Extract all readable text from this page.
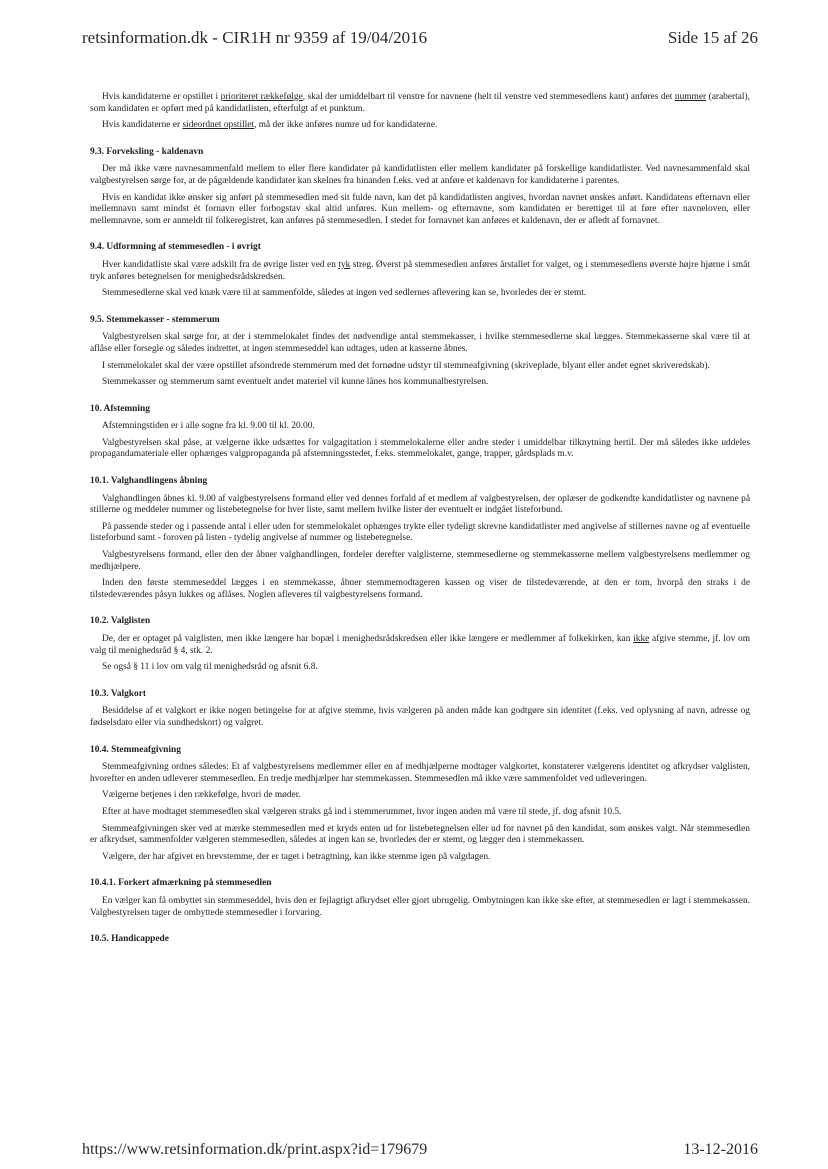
retsinformation.dk - CIR1H nr 9359 af 19/04/2016	Side 15 af 26

Hvis kandidaterne er opstillet i prioriteret rækkefølge, skal der umiddelbart til venstre for navnene (helt til venstre ved stemmesedlens kant) anføres det nummer (arabertal), som kandidaten er opført med på kandidatlisten, efterfulgt af et punktum.

Hvis kandidaterne er sideordnet opstillet, må der ikke anføres numre ud for kandidaterne.

9.3. Forveksling - kaldenavn

Der må ikke være navnesammenfald mellem to eller flere kandidater på kandidatlisten eller mellem kandidater på forskellige kandidatlister. Ved navnesammenfald skal valgbestyrelsen sørge for, at de pågældende kandidater kan skelnes fra hinanden f.eks. ved at anføre et kaldenavn for kandidaterne i parentes.

Hvis en kandidat ikke ønsker sig anført på stemmesedlen med sit fulde navn, kan det på kandidatlisten angives, hvordan navnet ønskes anført. Kandidatens efternavn eller mellemnavn samt mindst ét fornavn eller forbogstav skal altid anføres. Kun mellem- og efternavne, som kandidaten er berettiget til at føre efter navneloven, eller mellemnavne, som er anmeldt til folkeregistret, kan anføres på stemmesedlen. I stedet for fornavnet kan anføres et kaldenavn, der er afledt af fornavnet.

9.4. Udformning af stemmesedlen - i øvrigt

Hver kandidatliste skal være adskilt fra de øvrige lister ved en tyk streg. Øverst på stemmesedlen anføres årstallet for valget, og i stemmesedlens øverste højre hjørne i småt tryk anføres betegnelsen for menighedsrådskredsen.

Stemmesedlerne skal ved knæk være til at sammenfolde, således at ingen ved sedlernes aflevering kan se, hvorledes der er stemt.

9.5. Stemmekasser - stemmerum

Valgbestyrelsen skal sørge for, at der i stemmelokalet findes det nødvendige antal stemmekasser, i hvilke stemmesedlerne skal lægges. Stemmekasserne skal være til at aflåse eller forsegle og således indrettet, at ingen stemmeseddel kan udtages, uden at kasserne åbnes.

I stemmelokalet skal der være opstillet afsondrede stemmerum med det fornødne udstyr til stemmeafgivning (skriveplade, blyant eller andet egnet skriveredskab).

Stemmekasser og stemmerum samt eventuelt andet materiel vil kunne lånes hos kommunalbestyrelsen.

10. Afstemning

Afstemningstiden er i alle sogne fra kl. 9.00 til kl. 20.00.

Valgbestyrelsen skal påse, at vælgerne ikke udsættes for valgagitation i stemmelokalerne eller andre steder i umiddelbar tilknytning hertil. Der må således ikke uddeles propagandamateriale eller ophænges valgpropaganda på afstemningsstedet, f.eks. stemmelokalet, gange, trapper, gårdsplads m.v.

10.1. Valghandlingens åbning

Valghandlingen åbnes kl. 9.00 af valgbestyrelsens formand eller ved dennes forfald af et medlem af valgbestyrelsen, der oplæser de godkendte kandidatlister og navnene på stillerne og meddeler nummer og listebetegnelse for hver liste, samt mellem hvilke lister der eventuelt er indgået listeforbund.

På passende steder og i passende antal i eller uden for stemmelokalet ophænges trykte eller tydeligt skrevne kandidatlister med angivelse af stillernes navne og af eventuelle listeforbund samt - foroven på listen - tydelig angivelse af nummer og listebetegnelse.

Valgbestyrelsens formand, eller den der åbner valghandlingen, fordeler derefter valglisterne, stemmesedlerne og stemmekasserne mellem valgbestyrelsens medlemmer og medhjælpere.

Inden den første stemmeseddel lægges i en stemmekasse, åbner stemmemodtageren kassen og viser de tilstedeværende, at den er tom, hvorpå den straks i de tilstedeværendes påsyn lukkes og aflåses. Noglen afleveres til valgbestyrelsens formand.

10.2. Valglisten

De, der er optaget på valglisten, men ikke længere har bopæl i menighedsrådskredsen eller ikke længere er medlemmer af folkekirken, kan ikke afgive stemme, jf. lov om valg til menighedsråd § 4, stk. 2.

Se også § 11 i lov om valg til menighedsråd og afsnit 6.8.

10.3. Valgkort

Besiddelse af et valgkort er ikke nogen betingelse for at afgive stemme, hvis vælgeren på anden måde kan godtgøre sin identitet (f.eks. ved oplysning af navn, adresse og fødselsdato eller via sundhedskort) og valgret.

10.4. Stemmeafgivning

Stemmeafgivning ordnes således: Et af valgbestyrelsens medlemmer eller en af medhjælperne modtager valgkortet, konstaterer vælgerens identitet og afkrydser valglisten, hvorefter en anden udleverer stemmesedlen. En tredje medhjælper har stemmekassen. Stemmesedlen må ikke være sammenfoldet ved udleveringen.

Vælgerne betjenes i den rækkefølge, hvori de møder.

Efter at have modtaget stemmesedlen skal vælgeren straks gå ind i stemmerummet, hvor ingen anden må være til stede, jf. dog afsnit 10.5.

Stemmeafgivningen sker ved at mærke stemmesedlen med et kryds enten ud for listebetegnelsen eller ud for navnet på den kandidat, som ønskes valgt. Når stemmesedlen er afkrydset, sammenfolder vælgeren stemmesedlen, således at ingen kan se, hvorledes der er stemt, og lægger den i stemmekassen.

Vælgere, der har afgivet en brevstemme, der er taget i betragtning, kan ikke stemme igen på valgdagen.

10.4.1. Forkert afmærkning på stemmesedlen

En vælger kan få ombyttet sin stemmeseddel, hvis den er fejlagtigt afkrydset eller gjort ubrugelig. Ombytningen kan ikke ske efter, at stemmesedlen er lagt i stemmekassen. Valgbestyrelsen tager de ombyttede stemmesedler i forvaring.

10.5. Handicappede
https://www.retsinformation.dk/print.aspx?id=179679	13-12-2016
